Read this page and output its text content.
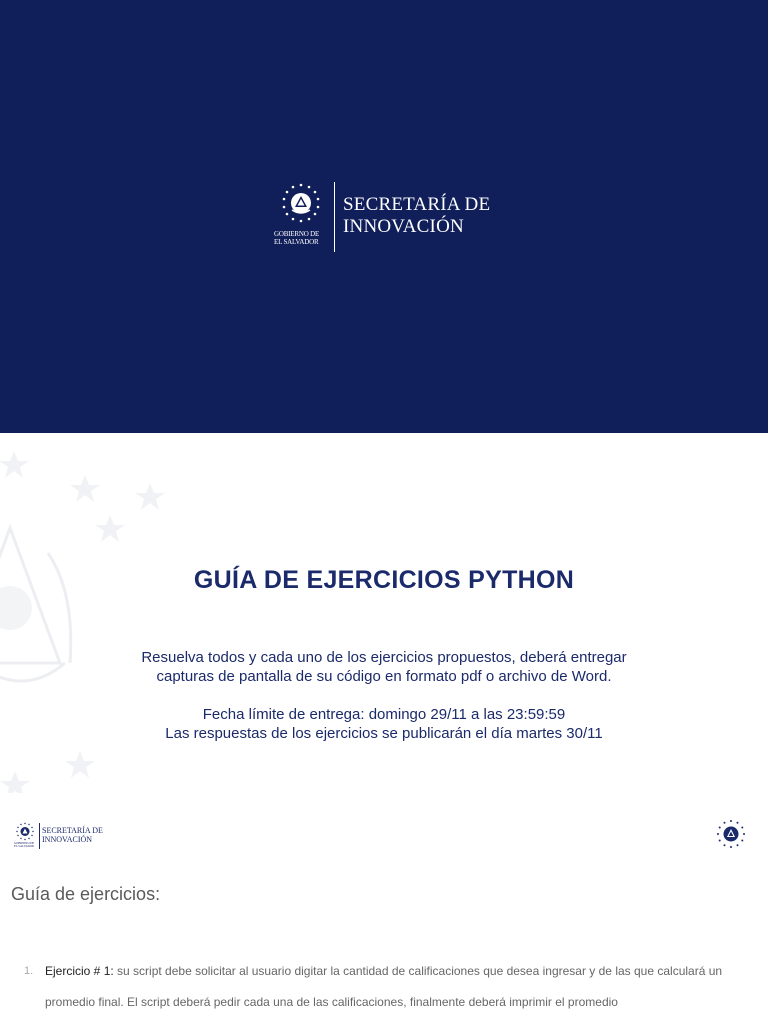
GOBIERNO DE
EL SALVADOR
SECRETARÍA DE
INNOVACIÓN
GUÍA DE EJERCICIOS PYTHON

Resuelva todos y cada uno de los ejercicios propuestos, deberá entregar

capturas de pantalla de su código en formato pdf o archivo de Word.

Fecha límite de entrega: domingo 29/11 a las 23:59:59

Las respuestas de los ejercicios se publicarán el día martes 30/11

GOBIERNO DE
EL SALVADOR
SECRETARÍA DE
INNOVACIÓN
Guía de ejercicios:
1. Ejercicio # 1: su script debe solicitar al usuario digitar la cantidad de calificaciones que desea ingresar y de las que calculará un promedio final. El script deberá pedir cada una de las calificaciones, finalmente deberá imprimir el promedio
